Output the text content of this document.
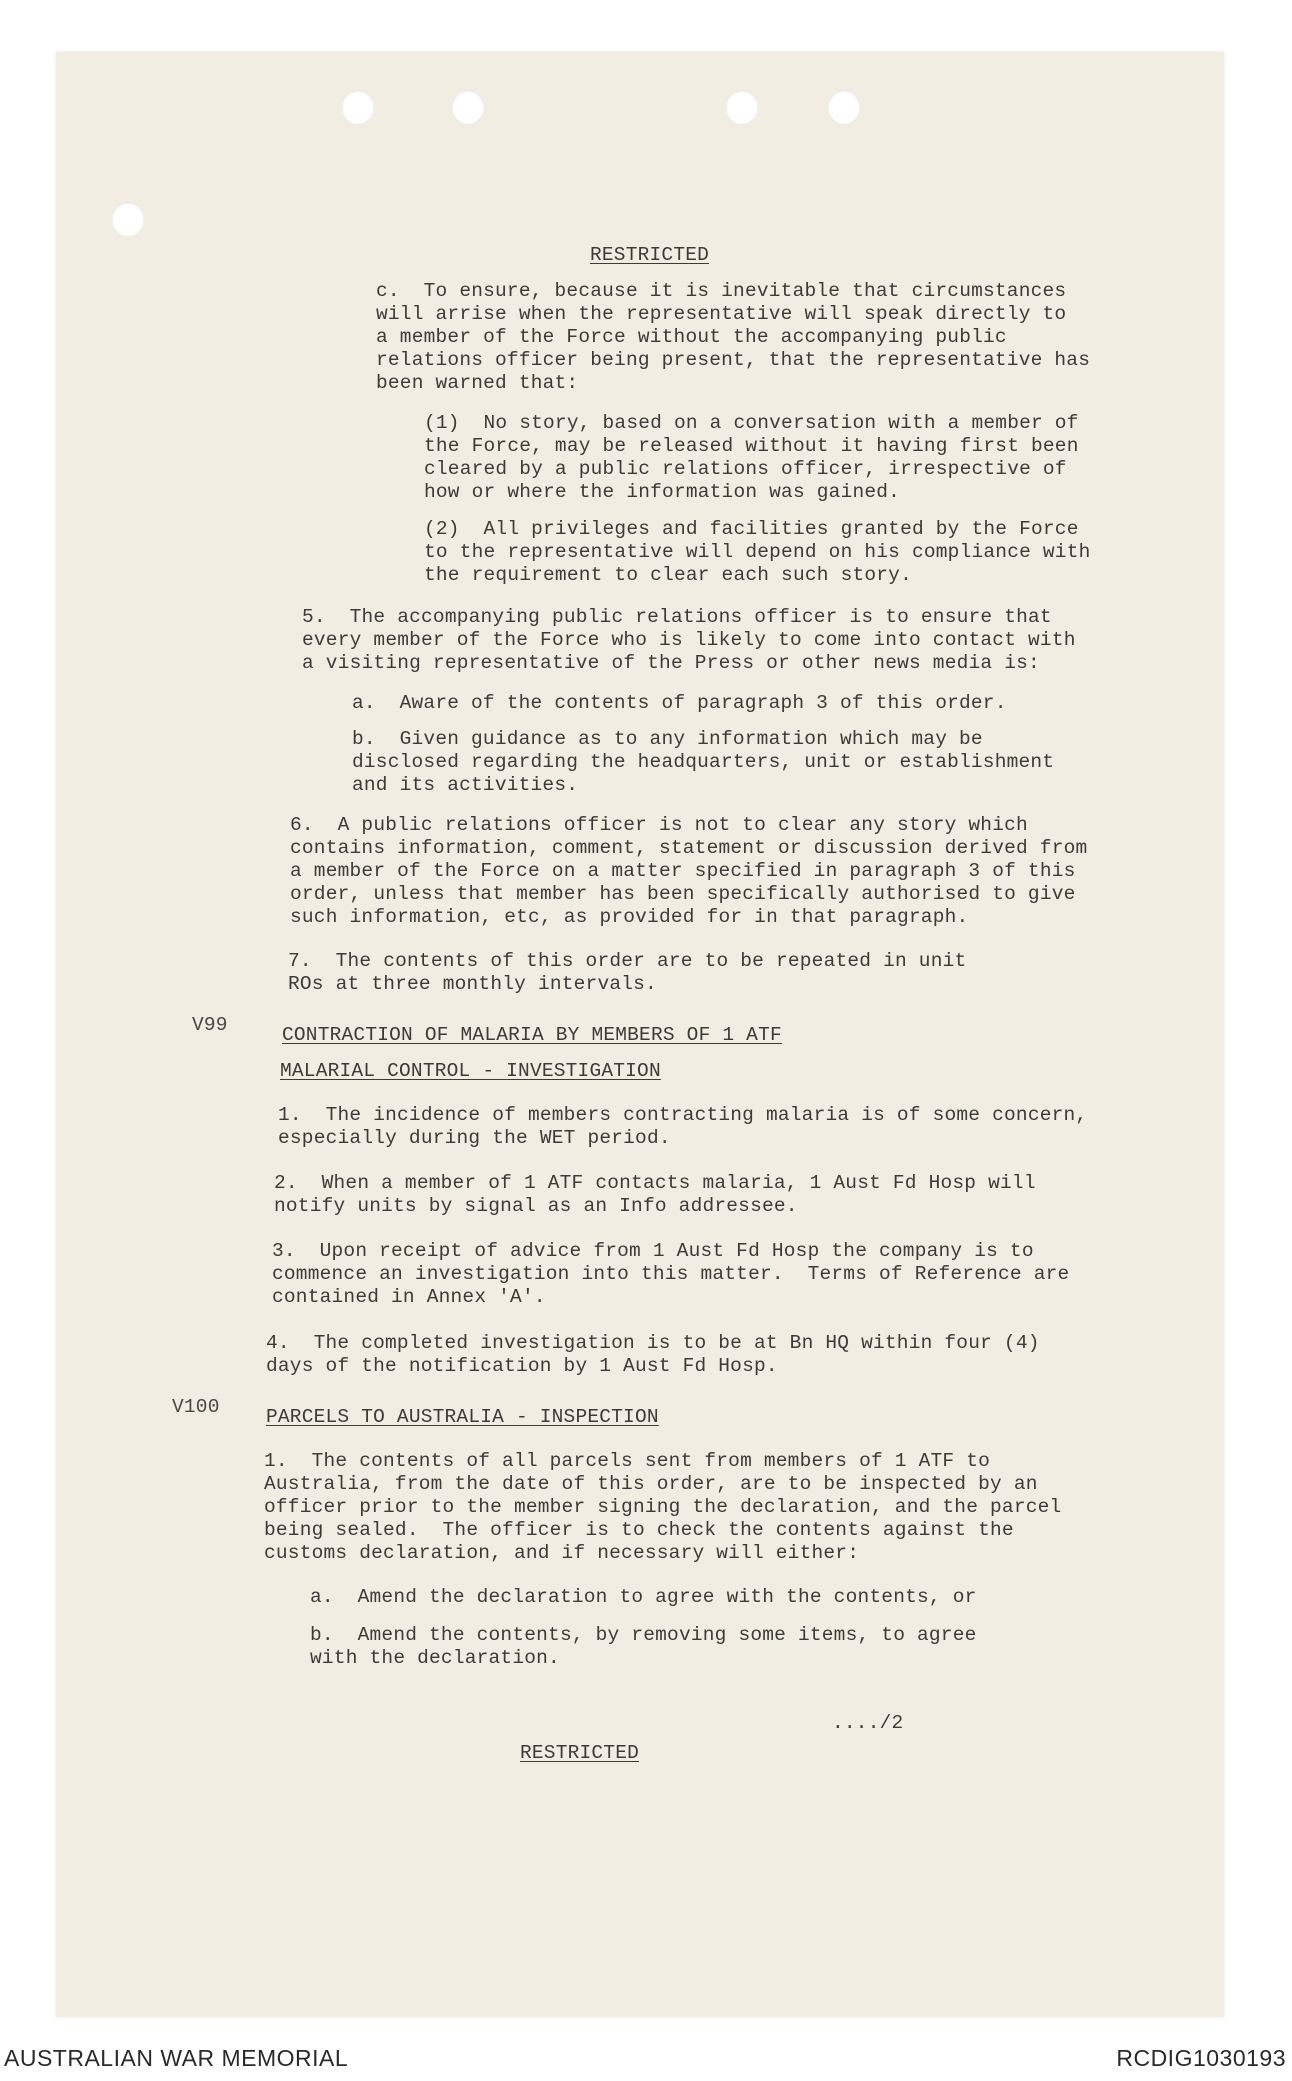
RESTRICTED
c.  To ensure, because it is inevitable that circumstances
will arrise when the representative will speak directly to
a member of the Force without the accompanying public
relations officer being present, that the representative has
been warned that:
(1)  No story, based on a conversation with a member of
the Force, may be released without it having first been
cleared by a public relations officer, irrespective of
how or where the information was gained.
(2)  All privileges and facilities granted by the Force
to the representative will depend on his compliance with
the requirement to clear each such story.
5.  The accompanying public relations officer is to ensure that
every member of the Force who is likely to come into contact with
a visiting representative of the Press or other news media is:
a.  Aware of the contents of paragraph 3 of this order.
b.  Given guidance as to any information which may be
disclosed regarding the headquarters, unit or establishment
and its activities.
6.  A public relations officer is not to clear any story which
contains information, comment, statement or discussion derived from
a member of the Force on a matter specified in paragraph 3 of this
order, unless that member has been specifically authorised to give
such information, etc, as provided for in that paragraph.
7.  The contents of this order are to be repeated in unit
ROs at three monthly intervals.
V99	CONTRACTION OF MALARIA BY MEMBERS OF 1 ATF
MALARIAL CONTROL - INVESTIGATION
1.  The incidence of members contracting malaria is of some concern,
especially during the WET period.
2.  When a member of 1 ATF contacts malaria, 1 Aust Fd Hosp will
notify units by signal as an Info addressee.
3.  Upon receipt of advice from 1 Aust Fd Hosp the company is to
commence an investigation into this matter.  Terms of Reference are
contained in Annex 'A'.
4.  The completed investigation is to be at Bn HQ within four (4)
days of the notification by 1 Aust Fd Hosp.
V100 PARCELS TO AUSTRALIA - INSPECTION
1.  The contents of all parcels sent from members of 1 ATF to
Australia, from the date of this order, are to be inspected by an
officer prior to the member signing the declaration, and the parcel
being sealed.  The officer is to check the contents against the
customs declaration, and if necessary will either:
a.  Amend the declaration to agree with the contents, or
b.  Amend the contents, by removing some items, to agree
with the declaration.
..../2
RESTRICTED
AUSTRALIAN WAR MEMORIAL	RCDIG1030193
